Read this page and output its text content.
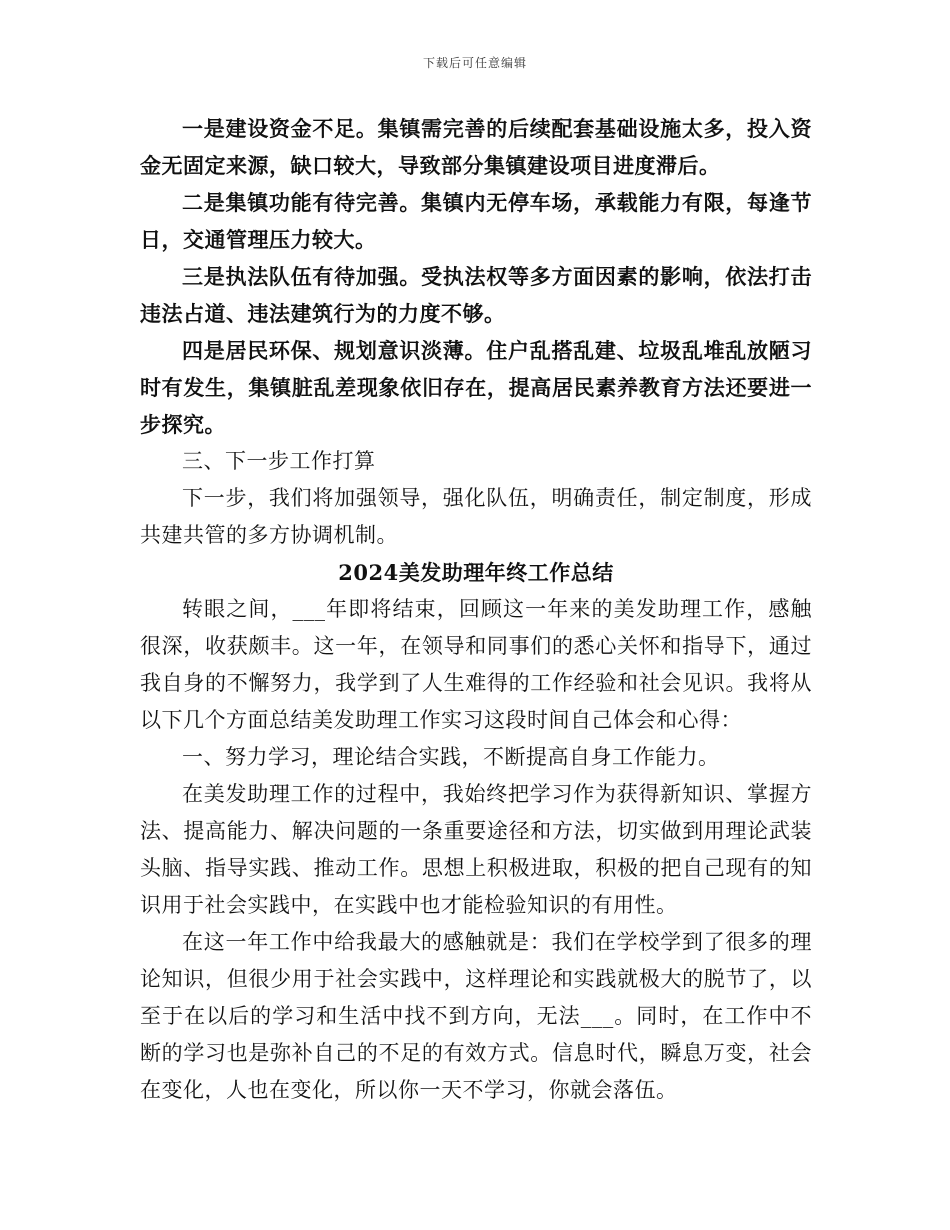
下载后可任意编辑

一是建设资金不足。集镇需完善的后续配套基础设施太多，投入资金无固定来源，缺口较大，导致部分集镇建设项目进度滞后。

二是集镇功能有待完善。集镇内无停车场，承载能力有限，每逢节日，交通管理压力较大。

三是执法队伍有待加强。受执法权等多方面因素的影响，依法打击违法占道、违法建筑行为的力度不够。

四是居民环保、规划意识淡薄。住户乱搭乱建、垃圾乱堆乱放陋习时有发生，集镇脏乱差现象依旧存在，提高居民素养教育方法还要进一步探究。

三、下一步工作打算

下一步，我们将加强领导，强化队伍，明确责任，制定制度，形成共建共管的多方协调机制。

2024美发助理年终工作总结

转眼之间，___年即将结束，回顾这一年来的美发助理工作，感触很深，收获颇丰。这一年，在领导和同事们的悉心关怀和指导下，通过我自身的不懈努力，我学到了人生难得的工作经验和社会见识。我将从以下几个方面总结美发助理工作实习这段时间自己体会和心得：

一、努力学习，理论结合实践，不断提高自身工作能力。

在美发助理工作的过程中，我始终把学习作为获得新知识、掌握方法、提高能力、解决问题的一条重要途径和方法，切实做到用理论武装头脑、指导实践、推动工作。思想上积极进取，积极的把自己现有的知识用于社会实践中，在实践中也才能检验知识的有用性。

在这一年工作中给我最大的感触就是：我们在学校学到了很多的理论知识，但很少用于社会实践中，这样理论和实践就极大的脱节了，以至于在以后的学习和生活中找不到方向，无法___。同时，在工作中不断的学习也是弥补自己的不足的有效方式。信息时代，瞬息万变，社会在变化，人也在变化，所以你一天不学习，你就会落伍。
